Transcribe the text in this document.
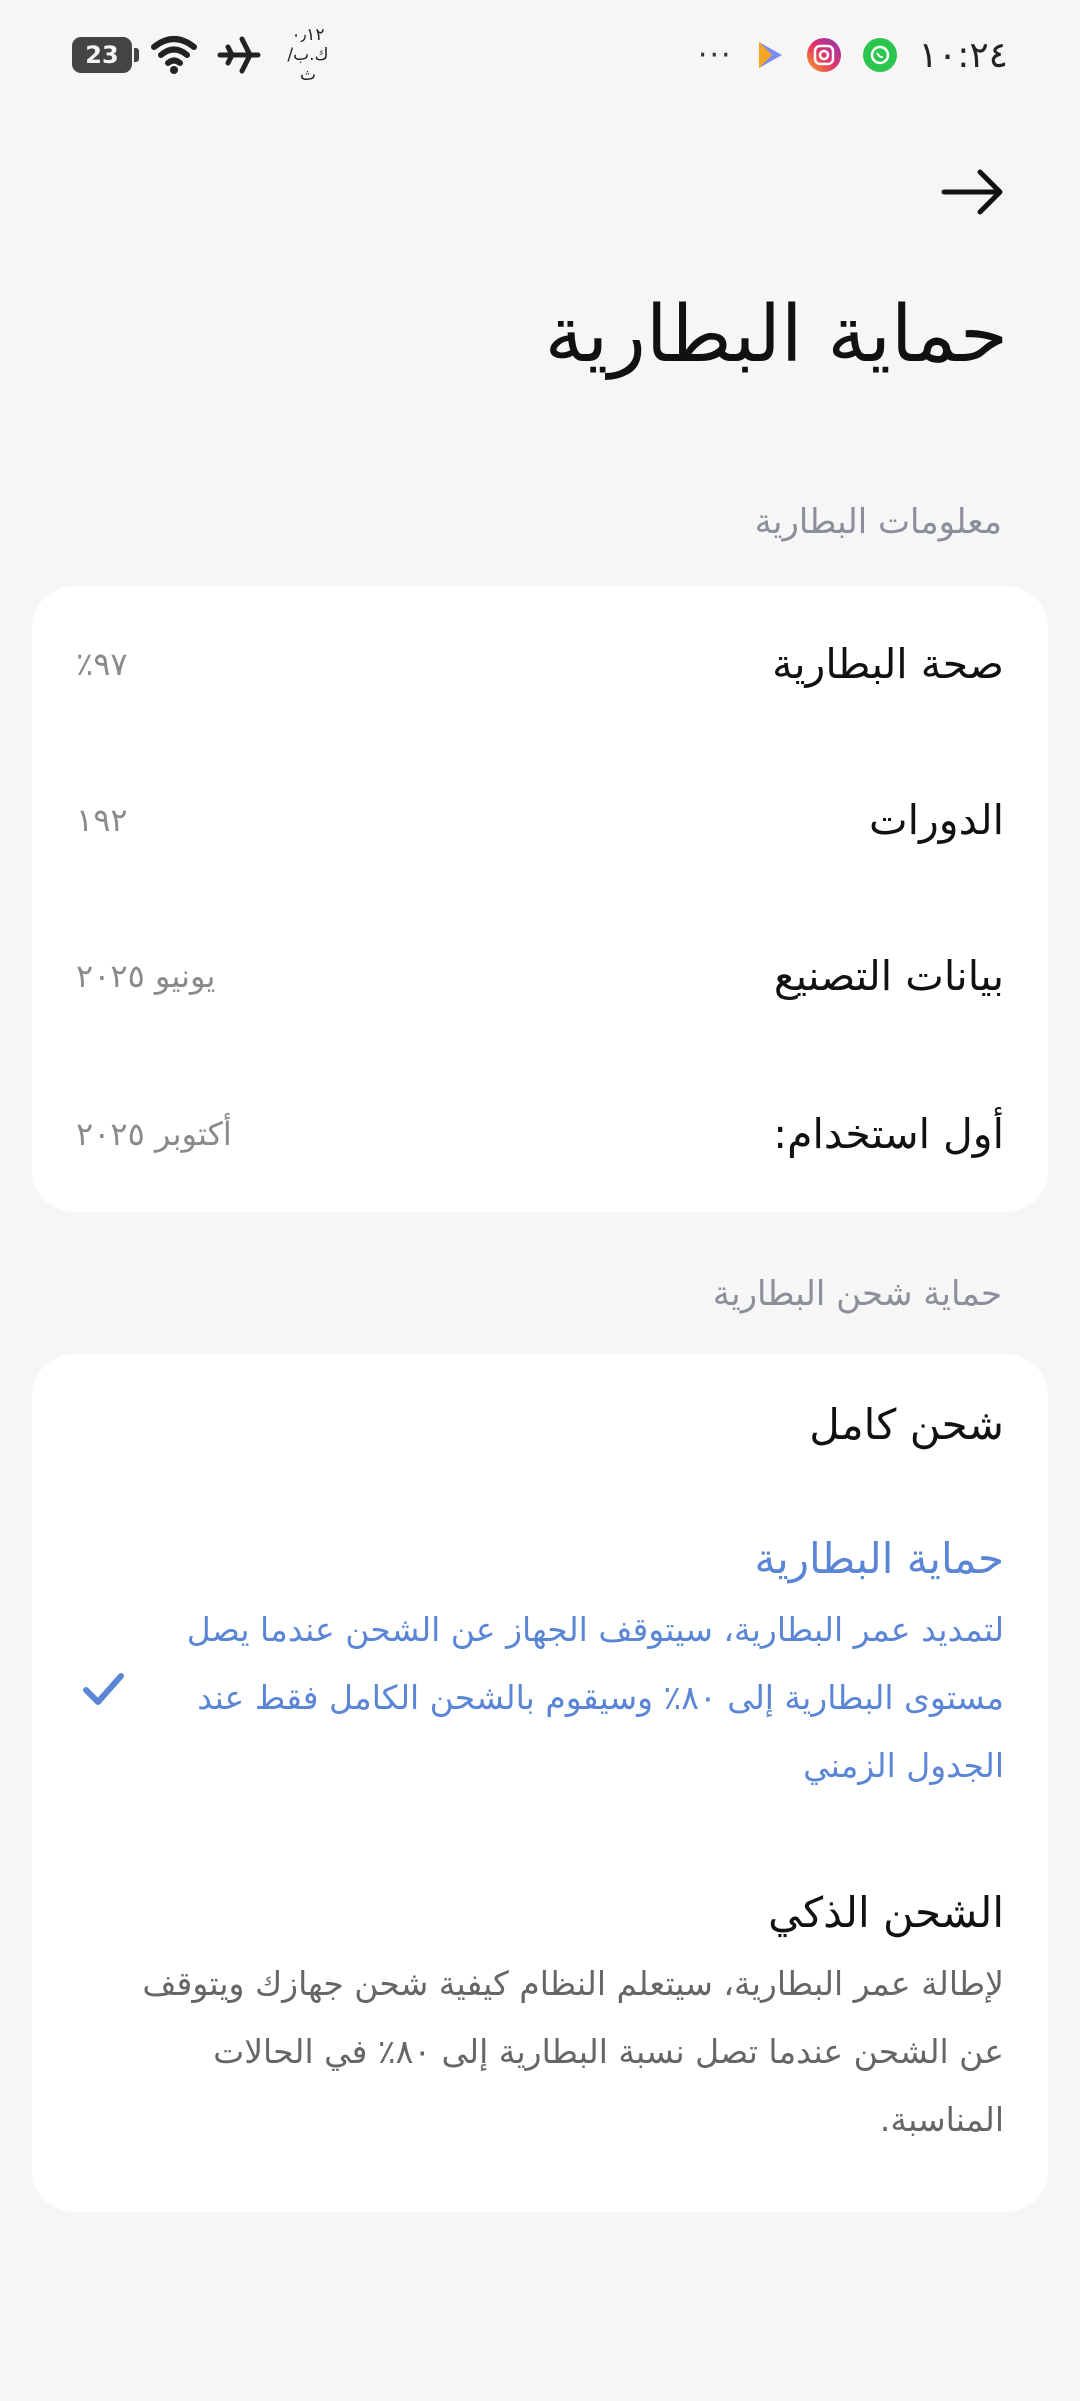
23
٠٫١٢
ك.ب/ث
···	١٠:٢٤
حماية البطارية
معلومات البطارية
صحة البطارية
٩٧٪
الدورات
١٩٢
بيانات التصنيع
يونيو ٢٠٢٥
أول استخدام:
أكتوبر ٢٠٢٥
حماية شحن البطارية
شحن كامل
حماية البطارية
لتمديد عمر البطارية، سيتوقف الجهاز عن الشحن عندما يصل مستوى البطارية إلى ٨٠٪ وسيقوم بالشحن الكامل فقط عند الجدول الزمني
الشحن الذكي
لإطالة عمر البطارية، سيتعلم النظام كيفية شحن جهازك ويتوقف عن الشحن عندما تصل نسبة البطارية إلى ٨٠٪ في الحالات المناسبة.
